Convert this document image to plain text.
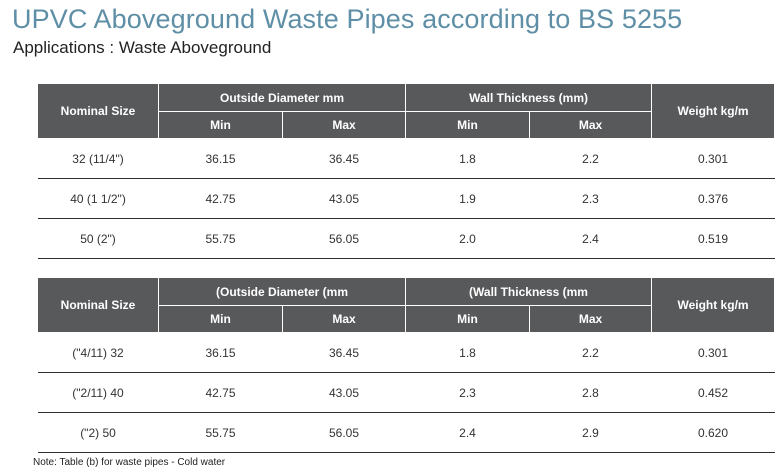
UPVC Aboveground Waste Pipes according to BS 5255
Applications : Waste Aboveground
Nominal Size	Outside Diameter mm		Wall Thickness (mm)		Weight kg/m
	Min	Max	Min	Max	
32 (11/4")	36.15	36.45	1.8	2.2	0.301
40 (1 1/2")	42.75	43.05	1.9	2.3	0.376
50 (2")	55.75	56.05	2.0	2.4	0.519
Nominal Size	(Outside Diameter (mm		(Wall Thickness (mm		Weight kg/m
	Min	Max	Min	Max	
("4/11) 32	36.15	36.45	1.8	2.2	0.301
("2/11) 40	42.75	43.05	2.3	2.8	0.452
("2) 50	55.75	56.05	2.4	2.9	0.620
Note: Table (b) for waste pipes - Cold water
